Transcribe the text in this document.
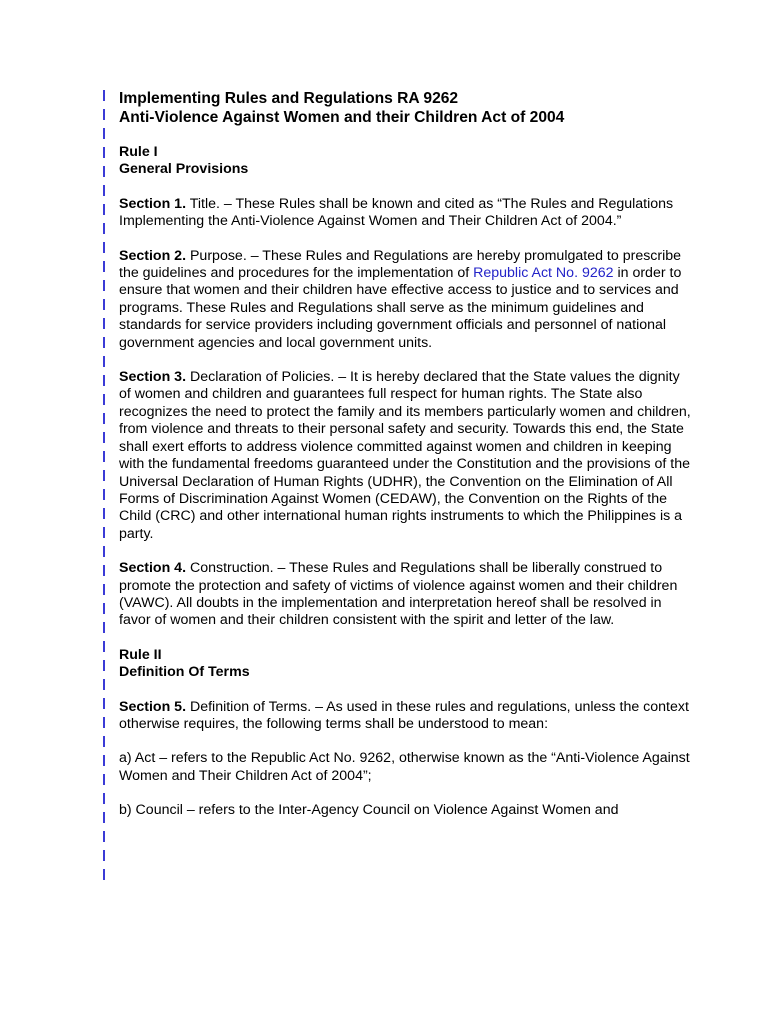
Implementing Rules and Regulations RA 9262
Anti-Violence Against Women and their Children Act of 2004
Rule I
General Provisions

Section 1. Title. – These Rules shall be known and cited as “The Rules and Regulations Implementing the Anti-Violence Against Women and Their Children Act of 2004.”

Section 2. Purpose. – These Rules and Regulations are hereby promulgated to prescribe the guidelines and procedures for the implementation of Republic Act No. 9262 in order to ensure that women and their children have effective access to justice and to services and programs. These Rules and Regulations shall serve as the minimum guidelines and standards for service providers including government officials and personnel of national government agencies and local government units.

Section 3. Declaration of Policies. – It is hereby declared that the State values the dignity of women and children and guarantees full respect for human rights. The State also recognizes the need to protect the family and its members particularly women and children, from violence and threats to their personal safety and security. Towards this end, the State shall exert efforts to address violence committed against women and children in keeping with the fundamental freedoms guaranteed under the Constitution and the provisions of the Universal Declaration of Human Rights (UDHR), the Convention on the Elimination of All Forms of Discrimination Against Women (CEDAW), the Convention on the Rights of the Child (CRC) and other international human rights instruments to which the Philippines is a party.

Section 4. Construction. – These Rules and Regulations shall be liberally construed to promote the protection and safety of victims of violence against women and their children (VAWC). All doubts in the implementation and interpretation hereof shall be resolved in favor of women and their children consistent with the spirit and letter of the law.

Rule II
Definition Of Terms

Section 5. Definition of Terms. – As used in these rules and regulations, unless the context otherwise requires, the following terms shall be understood to mean:

a) Act – refers to the Republic Act No. 9262, otherwise known as the “Anti-Violence Against Women and Their Children Act of 2004”;

b) Council – refers to the Inter-Agency Council on Violence Against Women and
